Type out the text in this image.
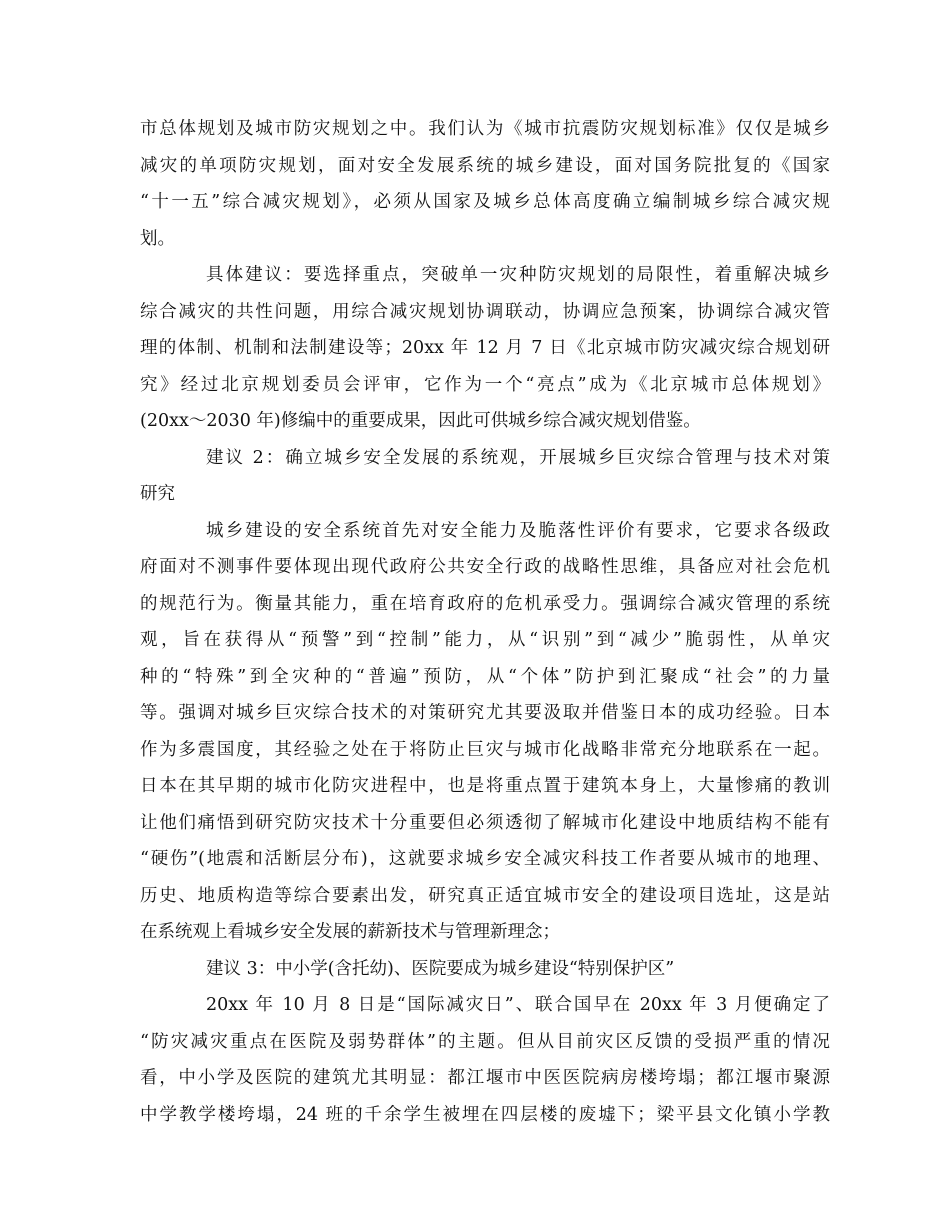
市总体规划及城市防灾规划之中。我们认为《城市抗震防灾规划标准》仅仅是城乡
减灾的单项防灾规划，面对安全发展系统的城乡建设，面对国务院批复的《国家
“十一五”综合减灾规划》，必须从国家及城乡总体高度确立编制城乡综合减灾规
划。
具体建议：要选择重点，突破单一灾种防灾规划的局限性，着重解决城乡
综合减灾的共性问题，用综合减灾规划协调联动，协调应急预案，协调综合减灾管
理的体制、机制和法制建设等；20xx 年 12 月 7 日《北京城市防灾减灾综合规划研
究》经过北京规划委员会评审，它作为一个“亮点”成为《北京城市总体规划》
(20xx～2030 年)修编中的重要成果，因此可供城乡综合减灾规划借鉴。
建议 2：确立城乡安全发展的系统观，开展城乡巨灾综合管理与技术对策
研究
城乡建设的安全系统首先对安全能力及脆落性评价有要求，它要求各级政
府面对不测事件要体现出现代政府公共安全行政的战略性思维，具备应对社会危机
的规范行为。衡量其能力，重在培育政府的危机承受力。强调综合减灾管理的系统
观，旨在获得从“预警”到“控制”能力，从“识别”到“减少”脆弱性，从单灾
种的“特殊”到全灾种的“普遍”预防，从“个体”防护到汇聚成“社会”的力量
等。强调对城乡巨灾综合技术的对策研究尤其要汲取并借鉴日本的成功经验。日本
作为多震国度，其经验之处在于将防止巨灾与城市化战略非常充分地联系在一起。
日本在其早期的城市化防灾进程中，也是将重点置于建筑本身上，大量惨痛的教训
让他们痛悟到研究防灾技术十分重要但必须透彻了解城市化建设中地质结构不能有
“硬伤”(地震和活断层分布)，这就要求城乡安全减灾科技工作者要从城市的地理、
历史、地质构造等综合要素出发，研究真正适宜城市安全的建设项目选址，这是站
在系统观上看城乡安全发展的薪新技术与管理新理念；
建议 3：中小学(含托幼)、医院要成为城乡建设“特别保护区”
20xx 年 10 月 8 日是“国际减灾日”、联合国早在 20xx 年 3 月便确定了
“防灾减灾重点在医院及弱势群体”的主题。但从目前灾区反馈的受损严重的情况
看，中小学及医院的建筑尤其明显：都江堰市中医医院病房楼垮塌；都江堰市聚源
中学教学楼垮塌，24 班的千余学生被埋在四层楼的废墟下；梁平县文化镇小学教
